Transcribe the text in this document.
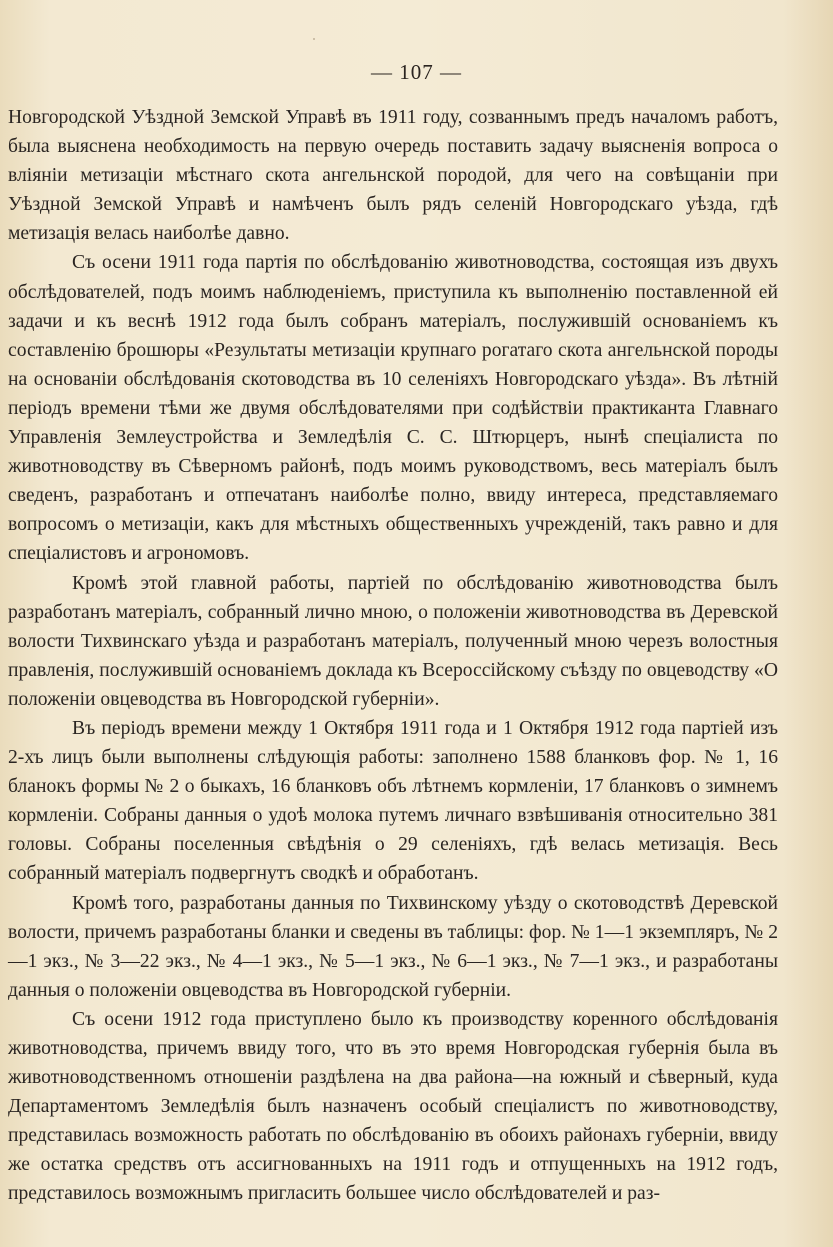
— 107 —

Новгородской Уѣздной Земской Управѣ въ 1911 году, созваннымъ предъ началомъ работъ, была выяснена необходимость на первую очередь поставить задачу выясненія вопроса о вліяніи метизаціи мѣстнаго скота ангельнской породой, для чего на совѣщаніи при Уѣздной Земской Управѣ и намѣченъ былъ рядъ селеній Новгородскаго уѣзда, гдѣ метизація велась наиболѣе давно.

Съ осени 1911 года партія по обслѣдованію животноводства, состоящая изъ двухъ обслѣдователей, подъ моимъ наблюденіемъ, приступила къ выполненію поставленной ей задачи и къ веснѣ 1912 года былъ собранъ матеріалъ, послужившій основаніемъ къ составленію брошюры «Результаты метизаціи крупнаго рогатаго скота ангельнской породы на основаніи обслѣдованія скотоводства въ 10 селеніяхъ Новгородскаго уѣзда». Въ лѣтній періодъ времени тѣми же двумя обслѣдователями при содѣйствіи практиканта Главнаго Управленія Землеустройства и Земледѣлія С. С. Штюрцеръ, нынѣ спеціалиста по животноводству въ Сѣверномъ районѣ, подъ моимъ руководствомъ, весь матеріалъ былъ сведенъ, разработанъ и отпечатанъ наиболѣе полно, ввиду интереса, представляемаго вопросомъ о метизаціи, какъ для мѣстныхъ общественныхъ учрежденій, такъ равно и для спеціалистовъ и агрономовъ.

Кромѣ этой главной работы, партіей по обслѣдованію животноводства былъ разработанъ матеріалъ, собранный лично мною, о положеніи животноводства въ Деревской волости Тихвинскаго уѣзда и разработанъ матеріалъ, полученный мною черезъ волостныя правленія, послужившій основаніемъ доклада къ Всероссійскому съѣзду по овцеводству «О положеніи овцеводства въ Новгородской губерніи».

Въ періодъ времени между 1 Октября 1911 года и 1 Октября 1912 года партіей изъ 2-хъ лицъ были выполнены слѣдующія работы: заполнено 1588 бланковъ фор. № 1, 16 бланокъ формы № 2 о быкахъ, 16 бланковъ объ лѣтнемъ кормленіи, 17 бланковъ о зимнемъ кормленіи. Собраны данныя о удоѣ молока путемъ личнаго взвѣшиванія относительно 381 головы. Собраны поселенныя свѣдѣнія о 29 селеніяхъ, гдѣ велась метизація. Весь собранный матеріалъ подвергнутъ сводкѣ и обработанъ.

Кромѣ того, разработаны данныя по Тихвинскому уѣзду о скотоводствѣ Деревской волости, причемъ разработаны бланки и сведены въ таблицы: фор. № 1—1 экземпляръ, № 2—1 экз., № 3—22 экз., № 4—1 экз., № 5—1 экз., № 6—1 экз., № 7—1 экз., и разработаны данныя о положеніи овцеводства въ Новгородской губерніи.

Съ осени 1912 года приступлено было къ производству коренного обслѣдованія животноводства, причемъ ввиду того, что въ это время Новгородская губернія была въ животноводственномъ отношеніи раздѣлена на два района—на южный и сѣверный, куда Департаментомъ Земледѣлія былъ назначенъ особый спеціалистъ по животноводству, представилась возможность работать по обслѣдованію въ обоихъ районахъ губерніи, ввиду же остатка средствъ отъ ассигнованныхъ на 1911 годъ и отпущенныхъ на 1912 годъ, представилось возможнымъ пригласить большее число обслѣдователей и раз-
